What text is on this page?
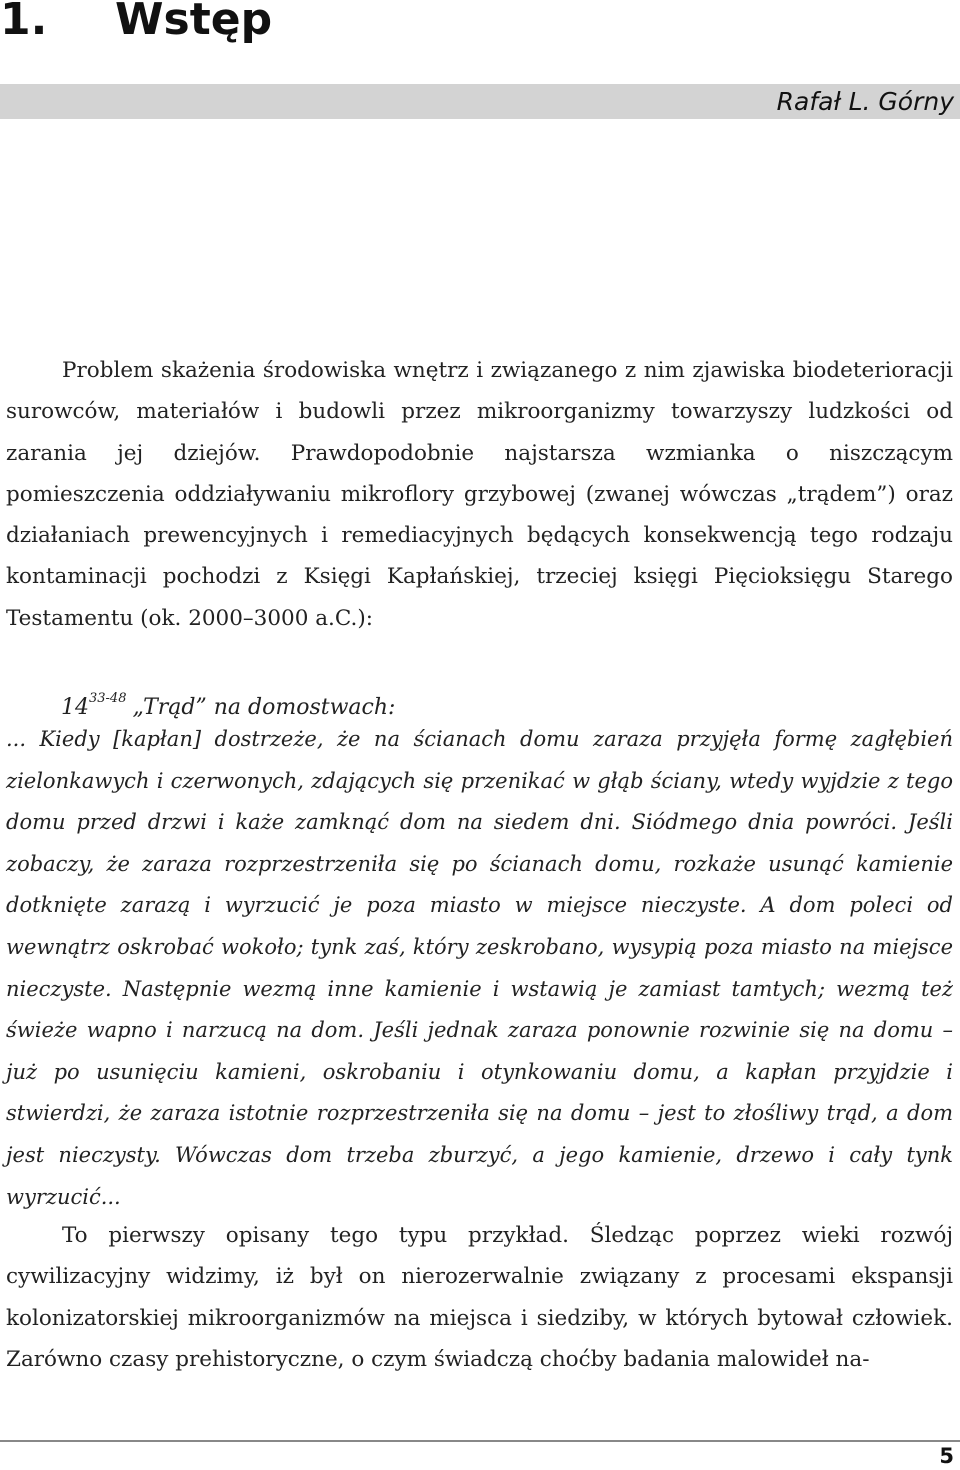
1. Wstęp
Rafał L. Górny

Problem skażenia środowiska wnętrz i związanego z nim zjawiska biodeterioracji surowców, materiałów i budowli przez mikroorganizmy towarzyszy ludzkości od zarania jej dziejów. Prawdopodobnie najstarsza wzmianka o niszczącym pomieszczenia oddziaływaniu mikroflory grzybowej (zwanej wówczas „trądem”) oraz działaniach prewencyjnych i remediacyjnych będących konsekwencją tego rodzaju kontaminacji pochodzi z Księgi Kapłańskiej, trzeciej księgi Pięcioksięgu Starego Testamentu (ok. 2000–3000 a.C.):

14$^{33-48}$ „Trąd” na domostwach:

... Kiedy [kapłan] dostrzeże, że na ścianach domu zaraza przyjęła formę zagłębień zielonkawych i czerwonych, zdających się przenikać w głąb ściany, wtedy wyjdzie z tego domu przed drzwi i każe zamknąć dom na siedem dni. Siódmego dnia powróci. Jeśli zobaczy, że zaraza rozprzestrzeniła się po ścianach domu, rozkaże usunąć kamienie dotknięte zarazą i wyrzucić je poza miasto w miejsce nieczyste. A dom poleci od wewnątrz oskrobać wokoło; tynk zaś, który zeskrobano, wysypią poza miasto na miejsce nieczyste. Następnie wezmą inne kamienie i wstawią je zamiast tamtych; wezmą też świeże wapno i narzucą na dom. Jeśli jednak zaraza ponownie rozwinie się na domu – już po usunięciu kamieni, oskrobaniu i otynkowaniu domu, a kapłan przyjdzie i stwierdzi, że zaraza istotnie rozprzestrzeniła się na domu – jest to złośliwy trąd, a dom jest nieczysty. Wówczas dom trzeba zburzyć, a jego kamienie, drzewo i cały tynk wyrzucić...

To pierwszy opisany tego typu przykład. Śledząc poprzez wieki rozwój cywilizacyjny widzimy, iż był on nierozerwalnie związany z procesami ekspansji kolonizatorskiej mikroorganizmów na miejsca i siedziby, w których bytował człowiek. Zarówno czasy prehistoryczne, o czym świadczą choćby badania malowideł na-

5
